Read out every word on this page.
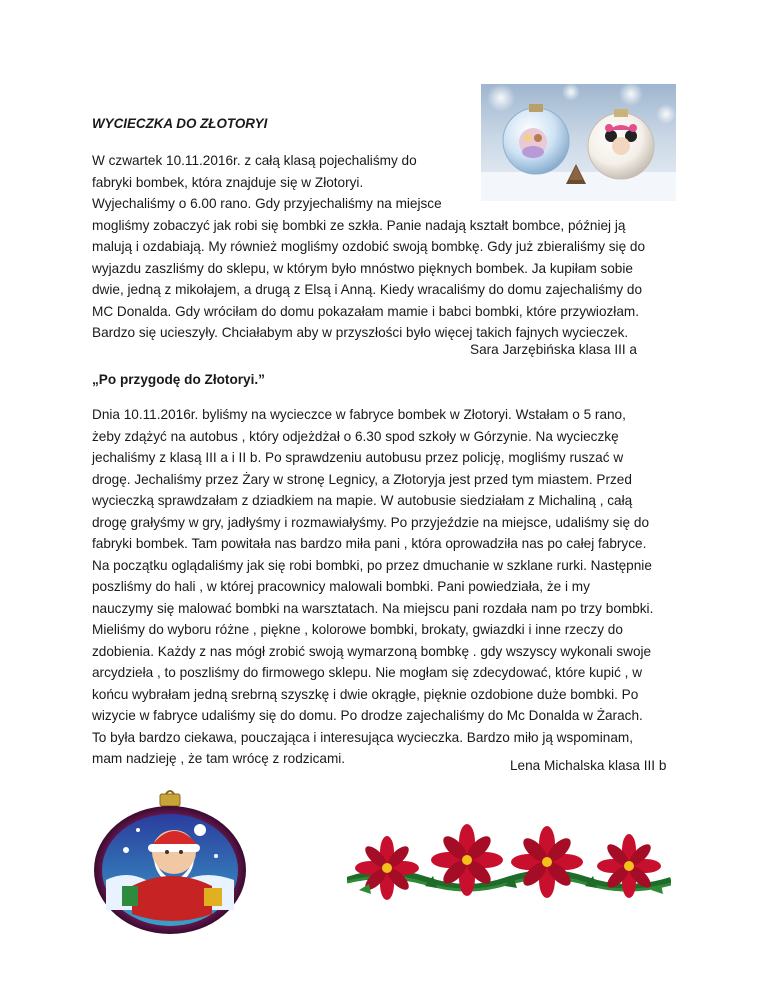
WYCIECZKA DO ZŁOTORYI
W czwartek 10.11.2016r. z całą klasą pojechaliśmy do
fabryki bombek, która znajduje się w Złotoryi.
Wyjechaliśmy o 6.00 rano. Gdy przyjechaliśmy na miejsce
mogliśmy zobaczyć jak robi się bombki ze szkła. Panie nadają kształt bombce, później ją
malują i ozdabiają. My również mogliśmy ozdobić swoją bombkę. Gdy już zbieraliśmy się do
wyjazdu zaszliśmy do sklepu, w którym było mnóstwo pięknych bombek. Ja kupiłam sobie
dwie, jedną z mikołajem, a drugą z Elsą i Anną. Kiedy wracaliśmy do domu zajechaliśmy do
MC Donalda. Gdy wróciłam do domu pokazałam mamie i babci bombki, które przywiozłam.
Bardzo się ucieszyły. Chciałabym aby w przyszłości było więcej takich fajnych wycieczek.
Sara Jarzębińska klasa III a
„Po przygodę do Złotoryi.”
Dnia 10.11.2016r. byliśmy na wycieczce w fabryce bombek w Złotoryi. Wstałam o 5 rano,
żeby zdążyć na autobus , który odjeżdżał o 6.30 spod szkoły w Górzynie. Na wycieczkę
jechaliśmy z klasą III a i II b. Po sprawdzeniu autobusu przez policję, mogliśmy ruszać w
drogę. Jechaliśmy przez Żary w stronę Legnicy, a Złotoryja jest przed tym miastem. Przed
wycieczką sprawdzałam z dziadkiem na mapie. W autobusie siedziałam z Michaliną , całą
drogę grałyśmy w gry, jadłyśmy i rozmawiałyśmy. Po przyjeździe na miejsce, udaliśmy się do
fabryki bombek. Tam powitała nas bardzo miła pani , która oprowadziła nas po całej fabryce.
Na początku oglądaliśmy jak się robi bombki, po przez dmuchanie w szklane rurki. Następnie
poszliśmy do hali , w której pracownicy malowali bombki. Pani powiedziała, że i my
nauczymy się malować bombki na warsztatach. Na miejscu pani rozdała nam po trzy bombki.
Mieliśmy do wyboru różne , piękne , kolorowe bombki, brokaty, gwiazdki i inne rzeczy do
zdobienia. Każdy z nas mógł zrobić swoją wymarzoną bombkę . gdy wszyscy wykonali swoje
arcydzieła , to poszliśmy do firmowego sklepu. Nie mogłam się zdecydować, które kupić , w
końcu wybrałam jedną srebrną szyszkę i dwie okrągłe, pięknie ozdobione duże bombki. Po
wizycie w fabryce udaliśmy się do domu. Po drodze zajechaliśmy do Mc Donalda w Żarach.
To była bardzo ciekawa, pouczająca i interesująca wycieczka. Bardzo miło ją wspominam,
mam nadzieję , że tam wrócę z rodzicami.	Lena Michalska klasa III b
